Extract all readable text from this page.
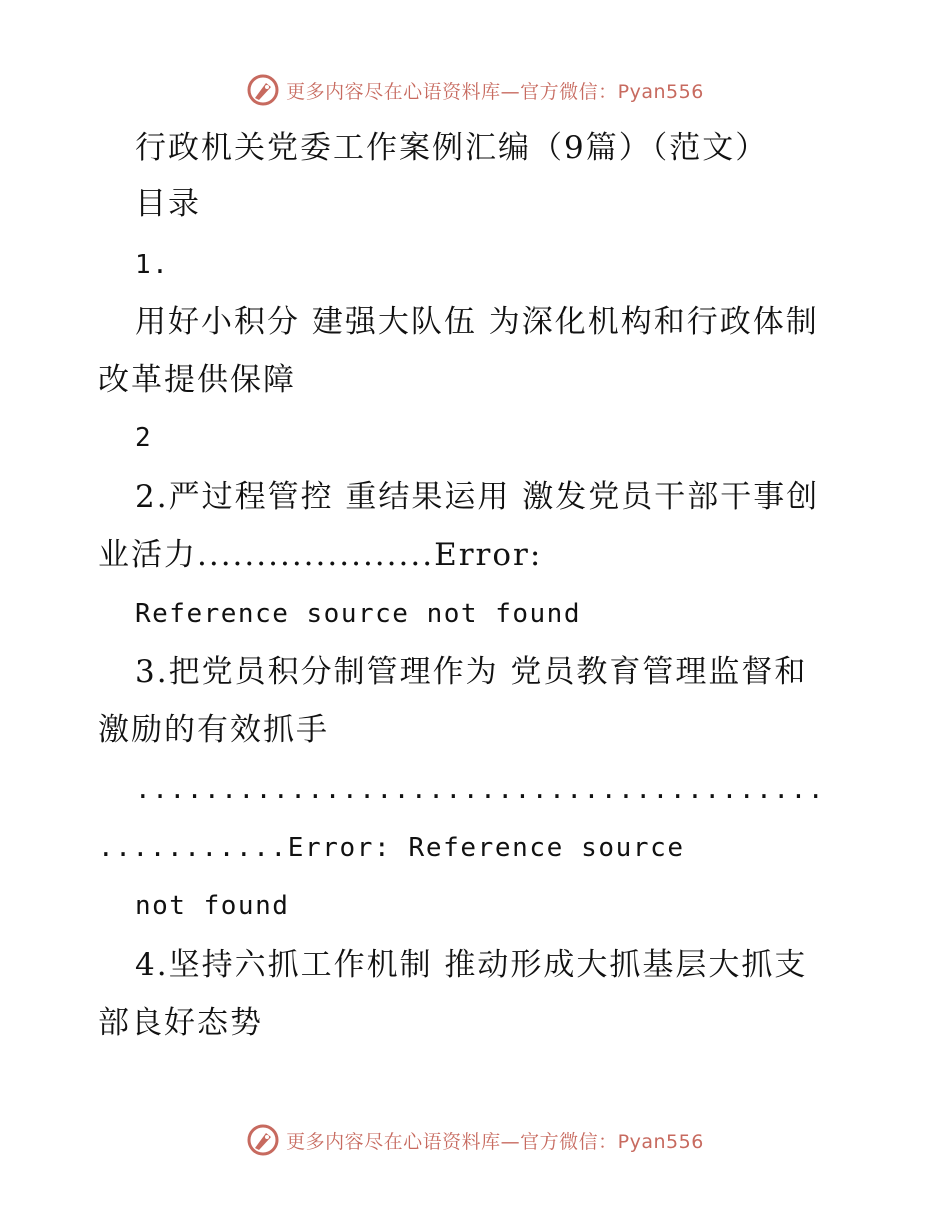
更多内容尽在心语资料库—官方微信：Pyan556
行政机关党委工作案例汇编（9篇）（范文）
目录
1.
用好小积分 建强大队伍 为深化机构和行政体制
改革提供保障
2
2.严过程管控 重结果运用 激发党员干部干事创
业活力....................Error:
Reference source not found
3.把党员积分制管理作为 党员教育管理监督和
激励的有效抓手
........................................
...........Error: Reference source
not found
4.坚持六抓工作机制 推动形成大抓基层大抓支
部良好态势
更多内容尽在心语资料库—官方微信：Pyan556
